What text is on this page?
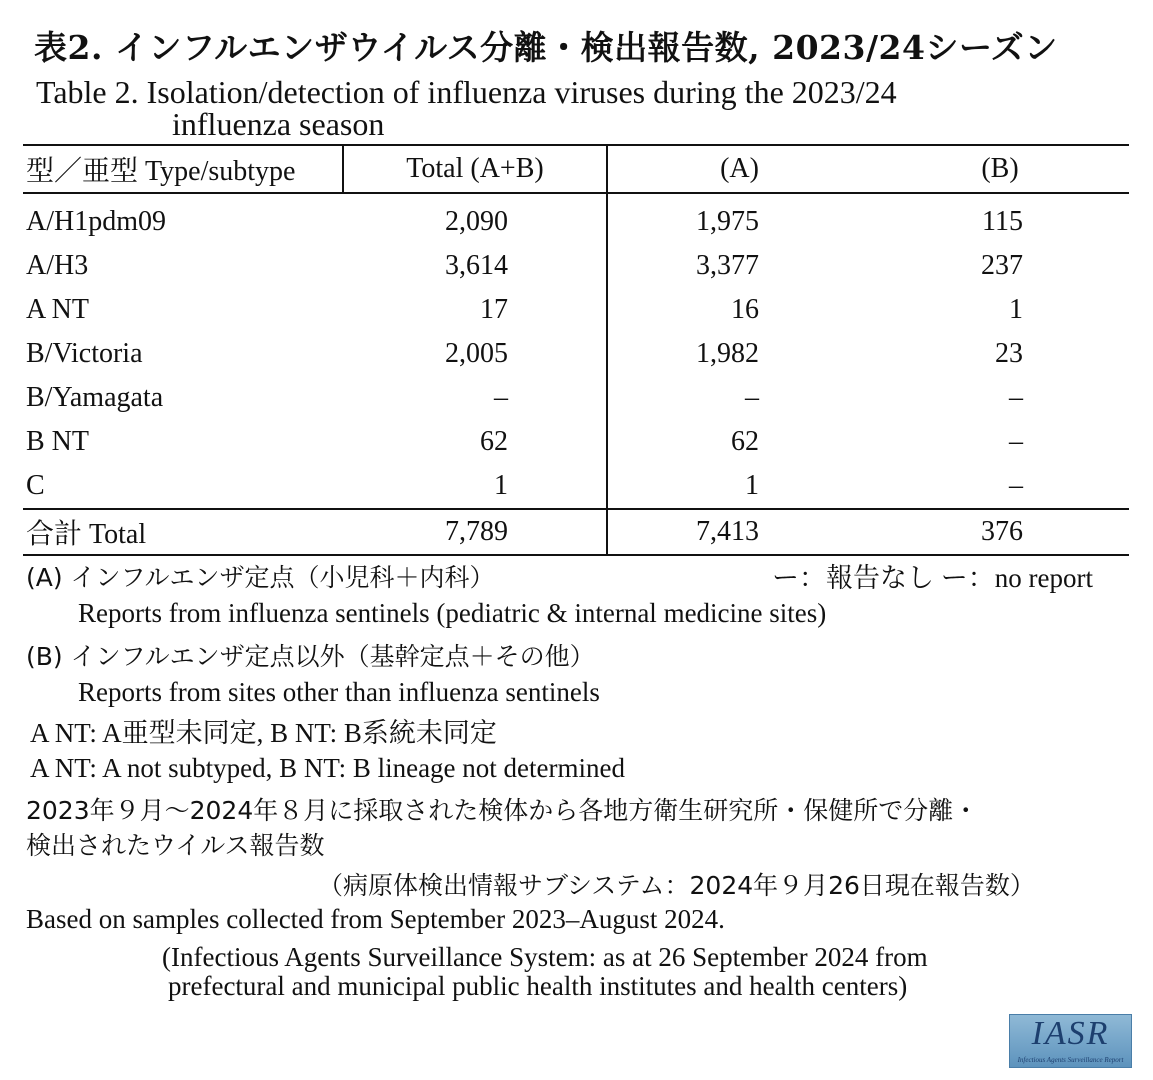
表2. インフルエンザウイルス分離・検出報告数, 2023/24シーズン
Table 2. Isolation/detection of influenza viruses during the 2023/24
influenza season
型／亜型 Type/subtype	Total (A+B)	(A)	(B)
A/H1pdm09	2,090	1,975	115
A/H3	3,614	3,377	237
A NT	17	16	1
B/Victoria	2,005	1,982	23
B/Yamagata	–	–	–
B NT	62	62	–
C	1	1	–
合計 Total	7,789	7,413	376
(A) インフルエンザ定点（小児科＋内科）	ー：報告なし ー：no report
Reports from influenza sentinels (pediatric & internal medicine sites)
(B) インフルエンザ定点以外（基幹定点＋その他）
Reports from sites other than influenza sentinels
A NT: A亜型未同定, B NT: B系統未同定
A NT: A not subtyped, B NT: B lineage not determined
2023年９月～2024年８月に採取された検体から各地方衛生研究所・保健所で分離・
検出されたウイルス報告数
（病原体検出情報サブシステム：2024年９月26日現在報告数）
Based on samples collected from September 2023–August 2024.
(Infectious Agents Surveillance System: as at 26 September 2024 from
prefectural and municipal public health institutes and health centers)
IASR
Infectious Agents Surveillance Report
